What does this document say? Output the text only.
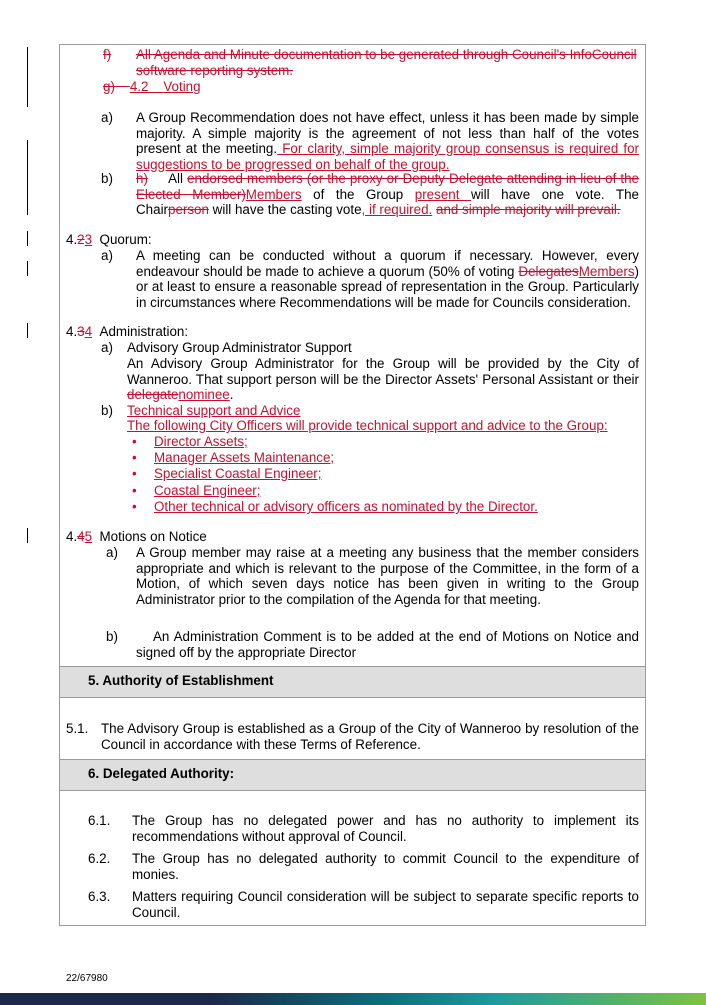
f) All Agenda and Minute documentation to be generated through Council's InfoCouncil
software reporting system.
g) 4.2 Voting
a) A Group Recommendation does not have effect, unless it has been made by simple
majority. A simple majority is the agreement of not less than half of the votes
present at the meeting. For clarity, simple majority group consensus is required for
suggestions to be progressed on behalf of the group.
b) h) All endorsed members (or the proxy or Deputy Delegate attending in lieu of the
Elected Member)Members of the Group present will have one vote. The
Chairperson will have the casting vote, if required. and simple majority will prevail.
4.23 Quorum:
a) A meeting can be conducted without a quorum if necessary. However, every
endeavour should be made to achieve a quorum (50% of voting DelegatesMembers)
or at least to ensure a reasonable spread of representation in the Group. Particularly
in circumstances where Recommendations will be made for Councils consideration.
4.34 Administration:
a) Advisory Group Administrator Support
An Advisory Group Administrator for the Group will be provided by the City of
Wanneroo. That support person will be the Director Assets' Personal Assistant or their
delegatenominee.
b) Technical support and Advice
The following City Officers will provide technical support and advice to the Group:
• Director Assets;
• Manager Assets Maintenance;
• Specialist Coastal Engineer;
• Coastal Engineer;
• Other technical or advisory officers as nominated by the Director.
4.45 Motions on Notice
a) A Group member may raise at a meeting any business that the member considers
appropriate and which is relevant to the purpose of the Committee, in the form of a
Motion, of which seven days notice has been given in writing to the Group
Administrator prior to the compilation of the Agenda for that meeting.
b)	An Administration Comment is to be added at the end of Motions on Notice and
signed off by the appropriate Director
5. Authority of Establishment
5.1. The Advisory Group is established as a Group of the City of Wanneroo by resolution of the
Council in accordance with these Terms of Reference.
6. Delegated Authority:
6.1. The Group has no delegated power and has no authority to implement its
recommendations without approval of Council.
6.2. The Group has no delegated authority to commit Council to the expenditure of
monies.
6.3. Matters requiring Council consideration will be subject to separate specific reports to
Council.
22/67980
